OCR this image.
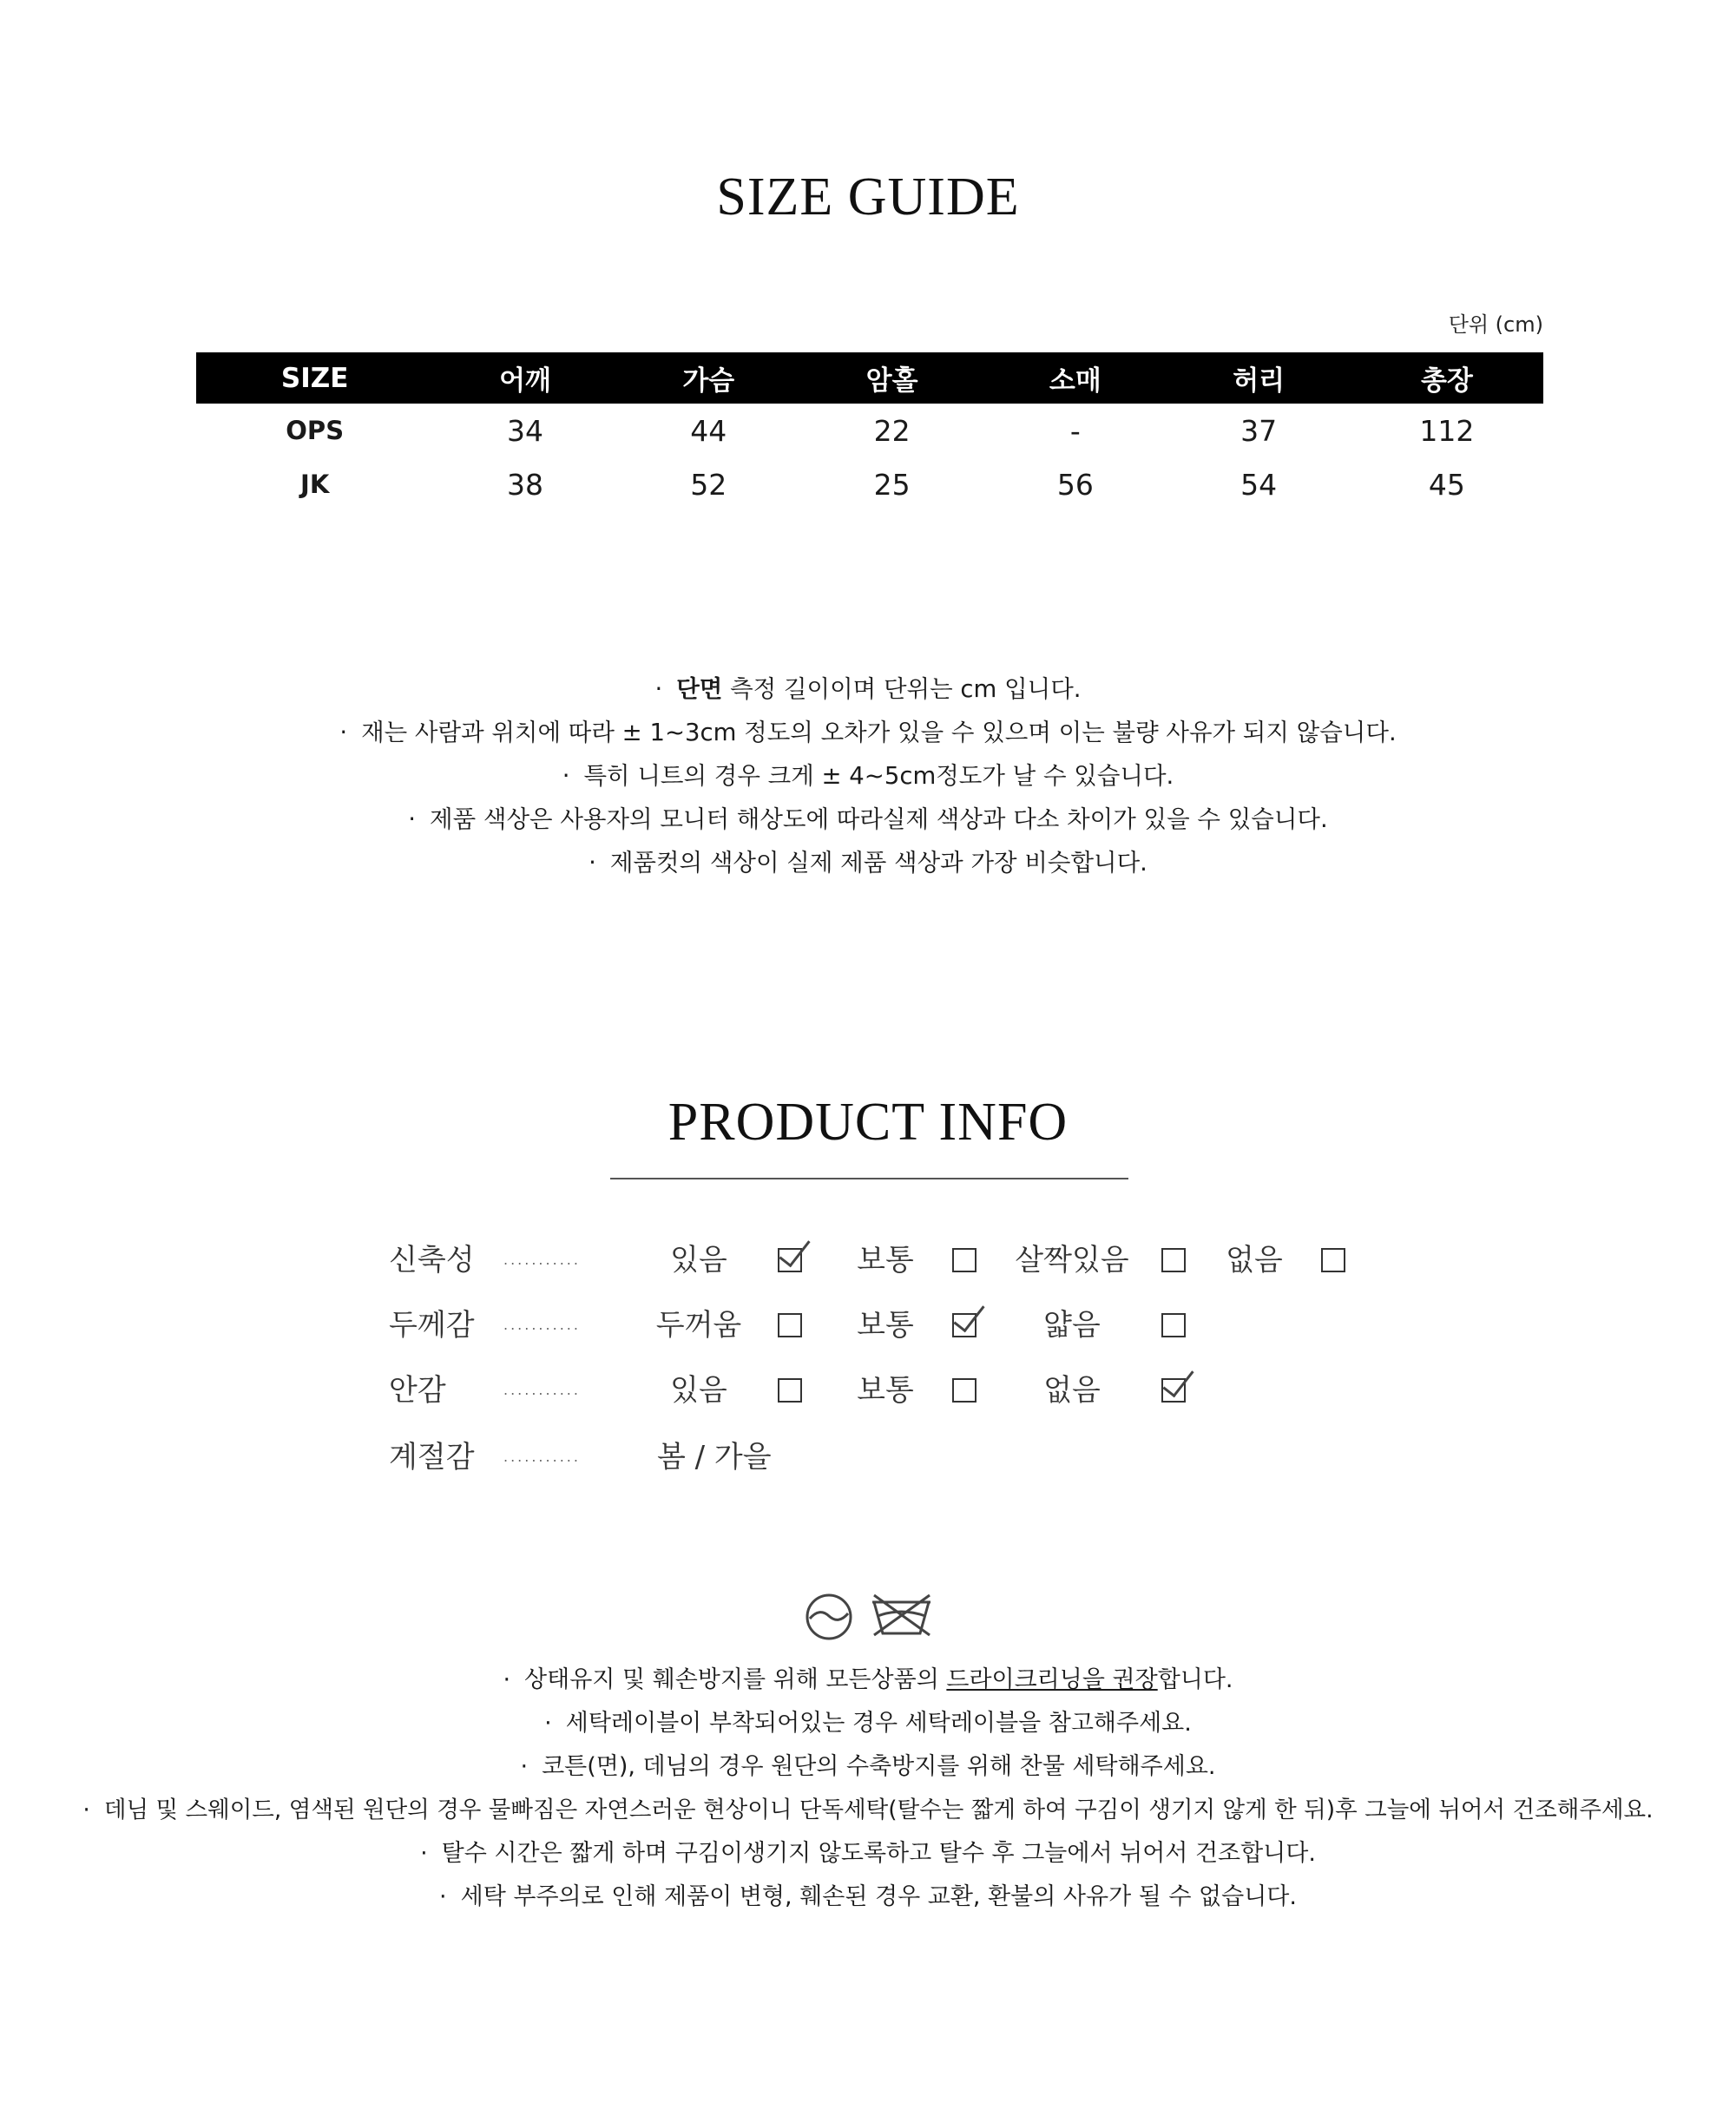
SIZE GUIDE
단위 (cm)
SIZE	어깨	가슴	암홀	소매	허리	총장
OPS	34	44	22	-	37	112
JK	38	52	25	56	54	45
· 단면 측정 길이이며 단위는 cm 입니다.
· 재는 사람과 위치에 따라 ± 1~3cm 정도의 오차가 있을 수 있으며 이는 불량 사유가 되지 않습니다.
· 특히 니트의 경우 크게 ± 4~5cm정도가 날 수 있습니다.
· 제품 색상은 사용자의 모니터 해상도에 따라실제 색상과 다소 차이가 있을 수 있습니다.
· 제품컷의 색상이 실제 제품 색상과 가장 비슷합니다.
PRODUCT INFO
신축성	...........	있음	보통	살짝있음	없음
두께감	...........	두꺼움	보통	얇음
안감	...........	있음	보통	없음
계절감	...........	봄 / 가을
· 상태유지 및 훼손방지를 위해 모든상품의 드라이크리닝을 권장합니다.
· 세탁레이블이 부착되어있는 경우 세탁레이블을 참고해주세요.
· 코튼(면), 데님의 경우 원단의 수축방지를 위해 찬물 세탁해주세요.
· 데님 및 스웨이드, 염색된 원단의 경우 물빠짐은 자연스러운 현상이니 단독세탁(탈수는 짧게 하여 구김이 생기지 않게 한 뒤)후 그늘에 뉘어서 건조해주세요.
· 탈수 시간은 짧게 하며 구김이생기지 않도록하고 탈수 후 그늘에서 뉘어서 건조합니다.
· 세탁 부주의로 인해 제품이 변형, 훼손된 경우 교환, 환불의 사유가 될 수 없습니다.
